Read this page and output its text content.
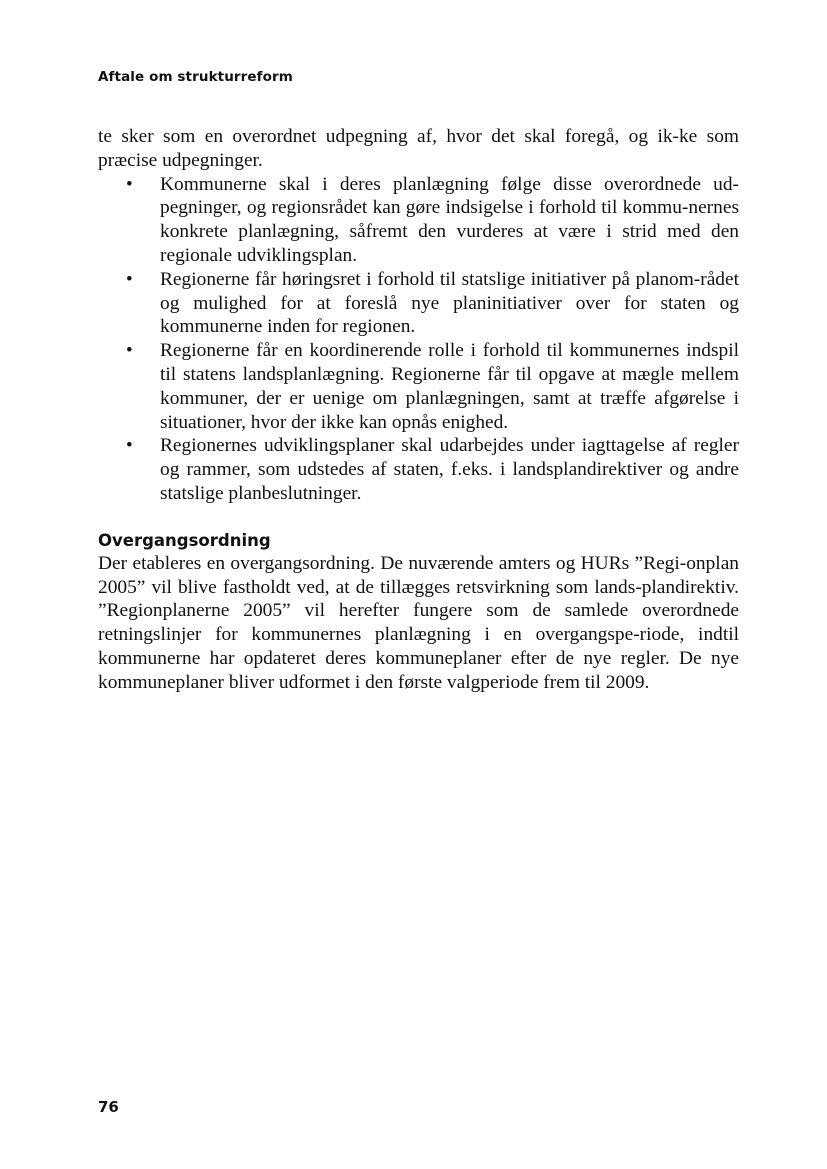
Aftale om strukturreform

te sker som en overordnet udpegning af, hvor det skal foregå, og ik-ke som præcise udpegninger.

• Kommunerne skal i deres planlægning følge disse overordnede ud-pegninger, og regionsrådet kan gøre indsigelse i forhold til kommu-nernes konkrete planlægning, såfremt den vurderes at være i strid med den regionale udviklingsplan.
• Regionerne får høringsret i forhold til statslige initiativer på planom-rådet og mulighed for at foreslå nye planinitiativer over for staten og kommunerne inden for regionen.
• Regionerne får en koordinerende rolle i forhold til kommunernes indspil til statens landsplanlægning. Regionerne får til opgave at mægle mellem kommuner, der er uenige om planlægningen, samt at træffe afgørelse i situationer, hvor der ikke kan opnås enighed.
• Regionernes udviklingsplaner skal udarbejdes under iagttagelse af regler og rammer, som udstedes af staten, f.eks. i landsplandirektiver og andre statslige planbeslutninger.
Overgangsordning

Der etableres en overgangsordning. De nuværende amters og HURs ”Regi-onplan 2005” vil blive fastholdt ved, at de tillægges retsvirkning som lands-plandirektiv. ”Regionplanerne 2005” vil herefter fungere som de samlede overordnede retningslinjer for kommunernes planlægning i en overgangspe-riode, indtil kommunerne har opdateret deres kommuneplaner efter de nye regler. De nye kommuneplaner bliver udformet i den første valgperiode frem til 2009.

76
